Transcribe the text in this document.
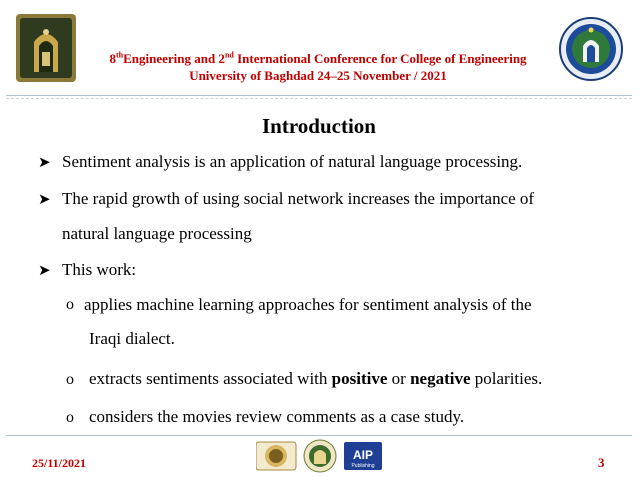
8thEngineering and 2nd International Conference for College of Engineering
University of Baghdad 24–25 November / 2021
Introduction
➤ Sentiment analysis is an application of natural language processing.
➤ The rapid growth of using social network increases the importance of
natural language processing
➤ This work:
o applies machine learning approaches for sentiment analysis of the
Iraqi dialect.
o extracts sentiments associated with positive or negative polarities.
o considers the movies review comments as a case study.
25/11/2021
AIP
Publishing	3
